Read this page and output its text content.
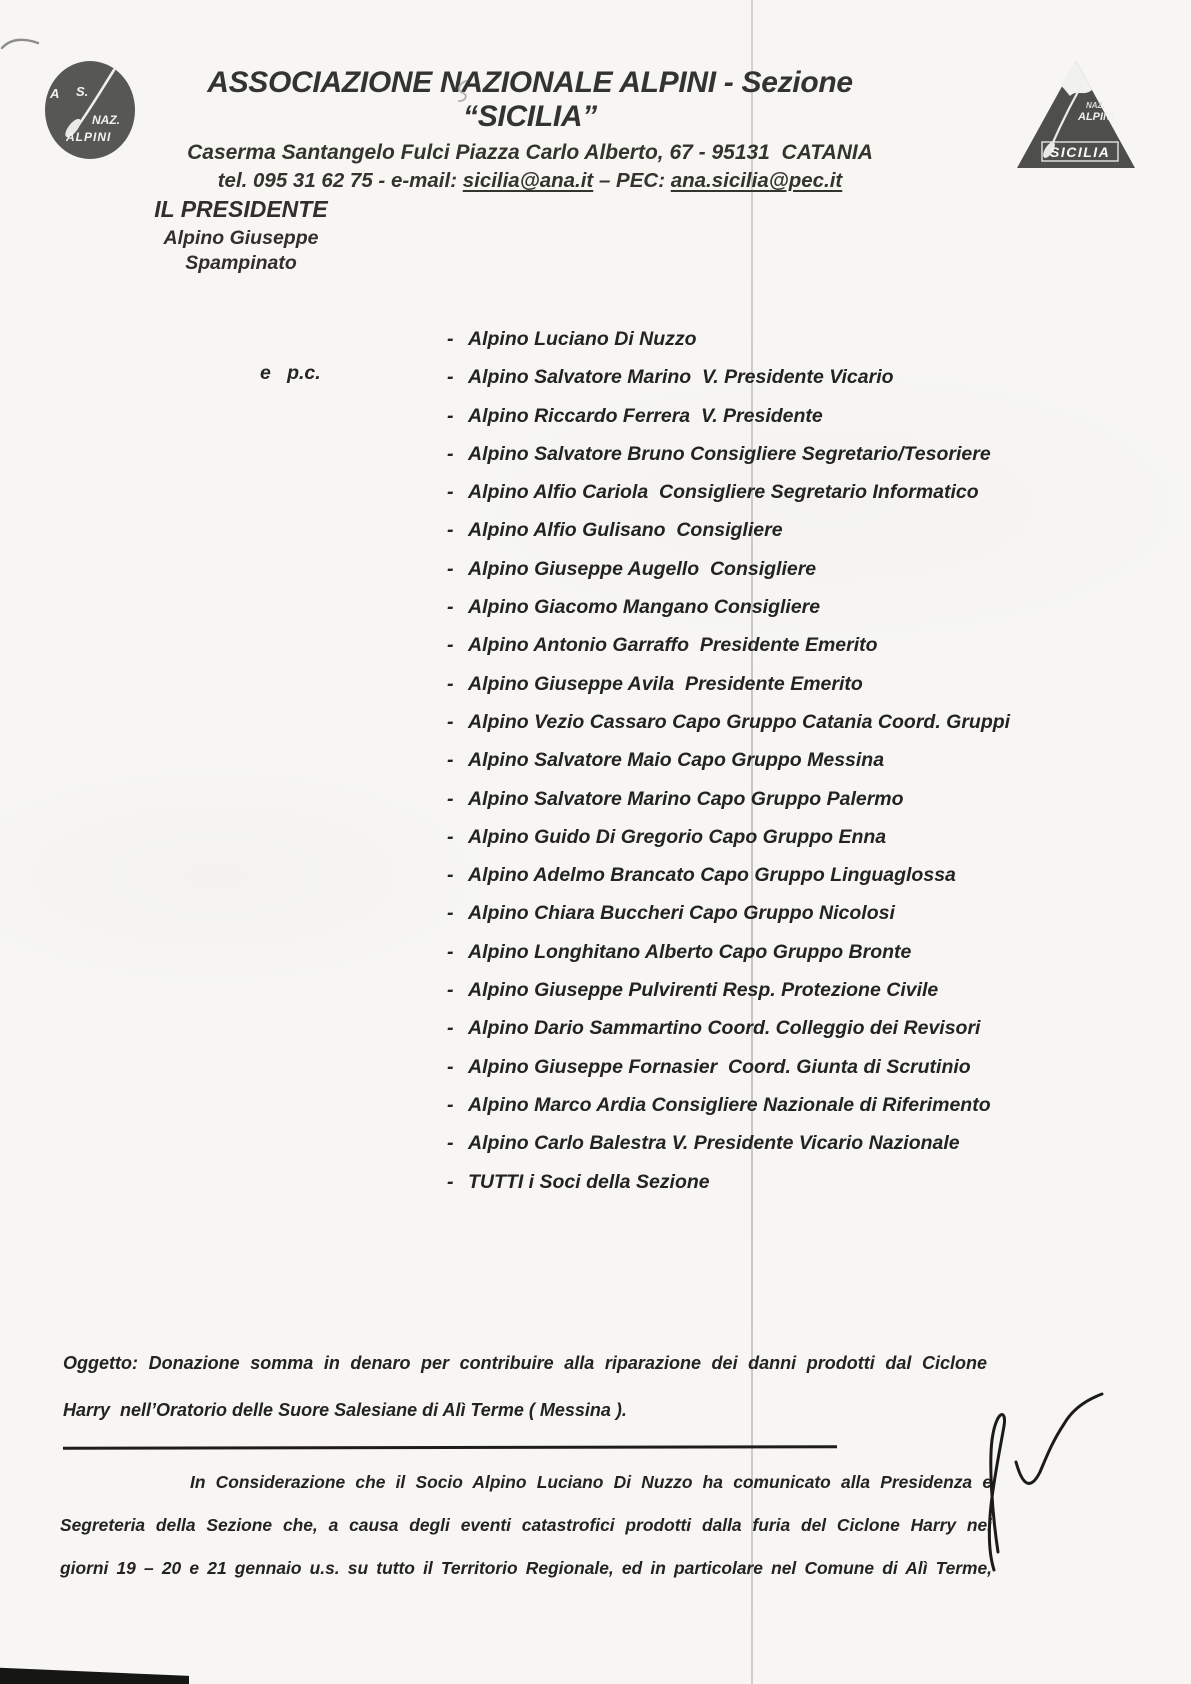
A S.
NAZ.
ALPINI
ASSOCIAZIONE NAZIONALE ALPINI - Sezione “SICILIA”
Caserma Santangelo Fulci Piazza Carlo Alberto, 67 - 95131  CATANIA
tel. 095 31 62 75 - e-mail: sicilia@ana.it – PEC: ana.sicilia@pec.it
NAZ.
ALPINI
SICILIA
IL PRESIDENTE
Alpino Giuseppe Spampinato
e   p.c.
- Alpino Luciano Di Nuzzo
- Alpino Salvatore Marino  V. Presidente Vicario
- Alpino Riccardo Ferrera  V. Presidente
- Alpino Salvatore Bruno Consigliere Segretario/Tesoriere
- Alpino Alfio Cariola  Consigliere Segretario Informatico
- Alpino Alfio Gulisano  Consigliere
- Alpino Giuseppe Augello  Consigliere
- Alpino Giacomo Mangano Consigliere
- Alpino Antonio Garraffo  Presidente Emerito
- Alpino Giuseppe Avila  Presidente Emerito
- Alpino Vezio Cassaro Capo Gruppo Catania Coord. Gruppi
- Alpino Salvatore Maio Capo Gruppo Messina
- Alpino Salvatore Marino Capo Gruppo Palermo
- Alpino Guido Di Gregorio Capo Gruppo Enna
- Alpino Adelmo Brancato Capo Gruppo Linguaglossa
- Alpino Chiara Buccheri Capo Gruppo Nicolosi
- Alpino Longhitano Alberto Capo Gruppo Bronte
- Alpino Giuseppe Pulvirenti Resp. Protezione Civile
- Alpino Dario Sammartino Coord. Colleggio dei Revisori
- Alpino Giuseppe Fornasier  Coord. Giunta di Scrutinio
- Alpino Marco Ardia Consigliere Nazionale di Riferimento
- Alpino Carlo Balestra V. Presidente Vicario Nazionale
- TUTTI i Soci della Sezione
Oggetto: Donazione somma in denaro per contribuire alla riparazione dei danni prodotti dal Ciclone
Harry  nell’Oratorio delle Suore Salesiane di Alì Terme ( Messina ).
In Considerazione che il Socio Alpino Luciano Di Nuzzo ha comunicato alla Presidenza e
Segreteria della Sezione che, a causa degli eventi catastrofici prodotti dalla furia del Ciclone Harry nei
giorni 19 – 20 e 21 gennaio u.s. su tutto il Territorio Regionale, ed in particolare nel Comune di Alì Terme,
